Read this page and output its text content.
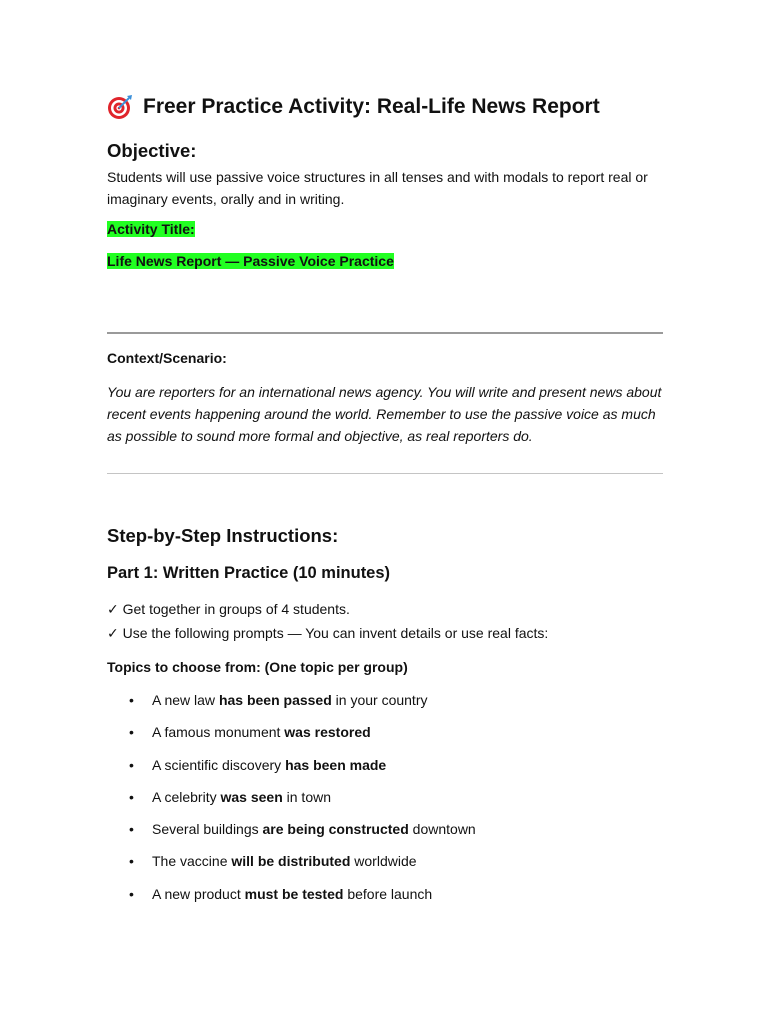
Freer Practice Activity: Real-Life News Report
Objective:
Students will use passive voice structures in all tenses and with modals to report real or imaginary events, orally and in writing.
Activity Title:
Life News Report — Passive Voice Practice
Context/Scenario:
You are reporters for an international news agency. You will write and present news about recent events happening around the world. Remember to use the passive voice as much as possible to sound more formal and objective, as real reporters do.
Step-by-Step Instructions:
Part 1: Written Practice (10 minutes)
✓ Get together in groups of 4 students.
✓ Use the following prompts — You can invent details or use real facts:
Topics to choose from: (One topic per group)
• A new law has been passed in your country
• A famous monument was restored
• A scientific discovery has been made
• A celebrity was seen in town
• Several buildings are being constructed downtown
• The vaccine will be distributed worldwide
• A new product must be tested before launch
